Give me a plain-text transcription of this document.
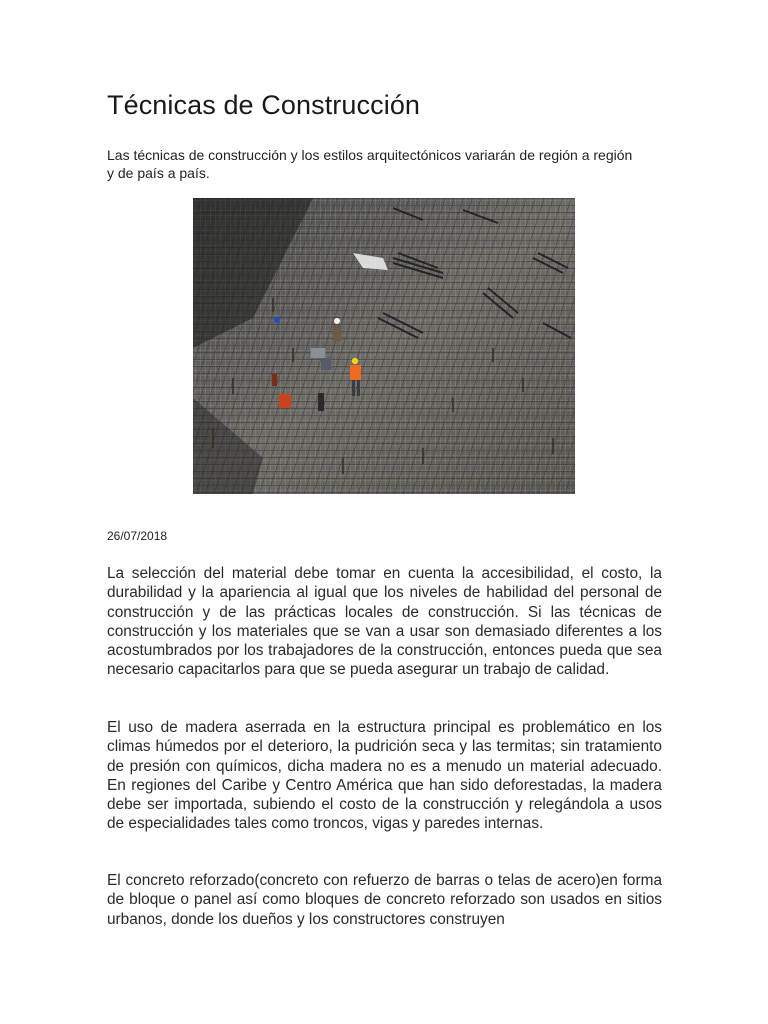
Técnicas de Construcción

Las técnicas de construcción y los estilos arquitectónicos variarán de región a región y de país a país.

26/07/2018

La selección del material debe tomar en cuenta la accesibilidad, el costo, la durabilidad y la apariencia al igual que los niveles de habilidad del personal de construcción y de las prácticas locales de construcción. Si las técnicas de construcción y los materiales que se van a usar son demasiado diferentes a los acostumbrados por los trabajadores de la construcción, entonces pueda que sea necesario capacitarlos para que se pueda asegurar un trabajo de calidad.

El uso de madera aserrada en la estructura principal es problemático en los climas húmedos por el deterioro, la pudrición seca y las termitas; sin tratamiento de presión con químicos, dicha madera no es a menudo un material adecuado. En regiones del Caribe y Centro América que han sido deforestadas, la madera debe ser importada, subiendo el costo de la construcción y relegándola a usos de especialidades tales como troncos, vigas y paredes internas.

El concreto reforzado(concreto con refuerzo de barras o telas de acero)en forma de bloque o panel así como bloques de concreto reforzado son usados en sitios urbanos, donde los dueños y los constructores construyen
